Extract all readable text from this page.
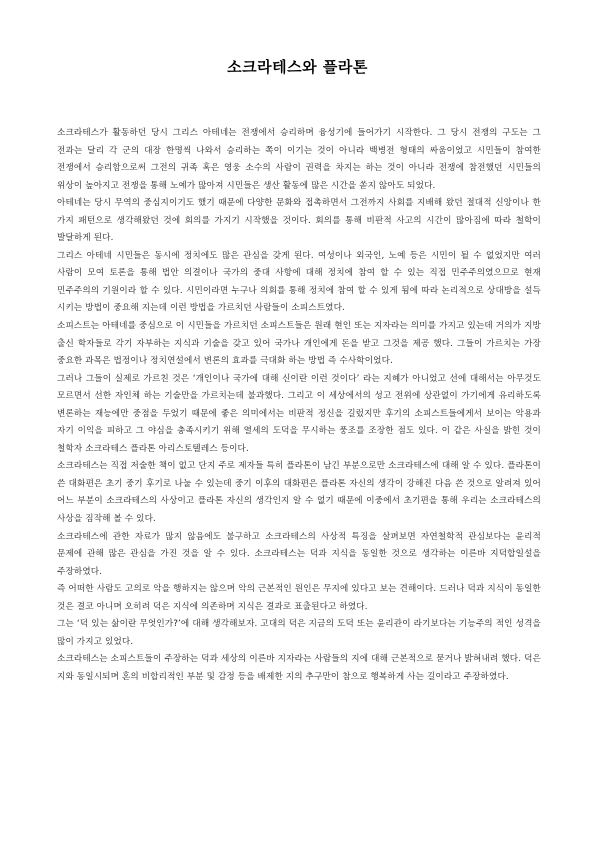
소크라테스와 플라톤

소크라테스가 활동하던 당시 그리스 아테네는 전쟁에서 승리하며 융성기에 들어가기 시작한다. 그 당시 전쟁의 구도는 그 전과는 달리 각 군의 대장 한명씩 나와서 승리하는 쪽이 이기는 것이 아니라 백병전 형태의 싸움이었고 시민들이 참여한 전쟁에서 승리함으로써 그전의 귀족 혹은 영웅 소수의 사람이 권력을 차지는 하는 것이 아니라 전쟁에 참전했던 시민들의 위상이 높아지고 전쟁을 통해 노예가 많아져 시민들은 생산 활동에 많은 시간을 쏟지 않아도 되었다.

아테네는 당시 무역의 중심지이기도 했기 때문에 다양한 문화와 접촉하면서 그전까지 사회를 지배해 왔던 절대적 신앙이나 한 가지 패턴으로 생각해왔던 것에 회의를 가지기 시작했을 것이다. 회의를 통해 비판적 사고의 시간이 많아짐에 따라 철학이 발달하게 된다.

그리스 아테네 시민들은 동시에 정치에도 많은 관심을 갖게 된다. 여성이나 외국인, 노예 등은 시민이 될 수 없었지만 여러 사람이 모여 토론을 통해 법안 의결이나 국가의 중대 사항에 대해 정치에 참여 할 수 있는 직접 민주주의였으므로 현재 민주주의의 기원이라 할 수 있다. 시민이라면 누구나 의회를 통해 정치에 참여 할 수 있게 됨에 따라 논리적으로 상대방을 설득 시키는 방법이 중요해 지는데 이런 방법을 가르치던 사람들이 소피스트였다.

소피스트는 아테네를 중심으로 이 시민들을 가르치던 소피스트들은 원래 현인 또는 지자라는 의미를 가지고 있는데 거의가 지방 출신 학자들로 각기 자부하는 지식과 기술을 갖고 있어 국가나 개인에게 돈을 받고 그것을 제공 했다. 그들이 가르치는 가장 중요한 과목은 법정이나 정치연설에서 변론의 효과를 극대화 하는 방법 즉 수사학이었다.

그러나 그들이 실제로 가르친 것은 ‘개인이나 국가에 대해 신이란 이런 것이다’ 라는 지혜가 아니었고 선에 대해서는 아무것도 모르면서 선한 자인체 하는 기술만을 가르치는데 불과했다. 그리고 이 세상에서의 성고 전위에 상관없이 가기에게 유리하도록 변론하는 재능에만 중점을 두었기 때문에 좋은 의미에서는 비판적 정신을 길렀지만 후기의 소피스트들에게서 보이는 악용과 자기 이익을 피하고 그 야심을 충족시키기 위해 열세의 도덕을 무시하는 풍조를 조장한 점도 있다. 이 같은 사실을 밝힌 것이 철학자 소크라테스 플라톤 아리스토텔레스 등이다.

소크라테스는 직접 저술한 책이 없고 단지 주로 제자들 특히 플라톤이 남긴 부분으로만 소크라테스에 대해 알 수 있다. 플라톤이 쓴 대화편은 초기 중기 후기로 나눌 수 있는데 중기 이후의 대화편은 플라톤 자신의 생각이 강해진 다음 쓴 것으로 알려져 있어 어느 부분이 소크라테스의 사상이고 플라톤 자신의 생각인지 알 수 없기 때문에 이중에서 초기편을 통해 우리는 소크라테스의 사상을 짐작해 볼 수 있다.

소크라테스에 관한 자료가 많지 않음에도 불구하고 소크라테스의 사상적 특징을 살펴보면 자연철학적 관심보다는 윤리적 문제에 관해 많은 관심을 가진 것을 알 수 있다. 소크라테스는 덕과 지식을 동일한 것으로 생각하는 이른바 지덕합일설을 주장하였다.

즉 어떠한 사람도 고의로 악을 행하지는 않으며 악의 근본적인 원인은 무지에 있다고 보는 견해이다. 드러나 덕과 지식이 동일한 것은 결코 아니며 오히려 덕은 지식에 의존하며 지식은 결과로 표출된다고 하였다.

그는 ‘덕 있는 삶이란 무엇인가?’에 대해 생각해보자. 고대의 덕은 지금의 도덕 또는 윤리관이 라기보다는 기능주의 적인 성격을 많이 가지고 있었다.

소크라테스는 소피스트들이 주장하는 덕과 세상의 이른바 지자라는 사람들의 지에 대해 근본적으로 묻거나 밝혀내려 했다. 덕은 지와 동일시되며 혼의 비합리적인 부분 및 감정 등을 배제한 지의 추구만이 참으로 행복하게 사는 길이라고 주장하였다.
